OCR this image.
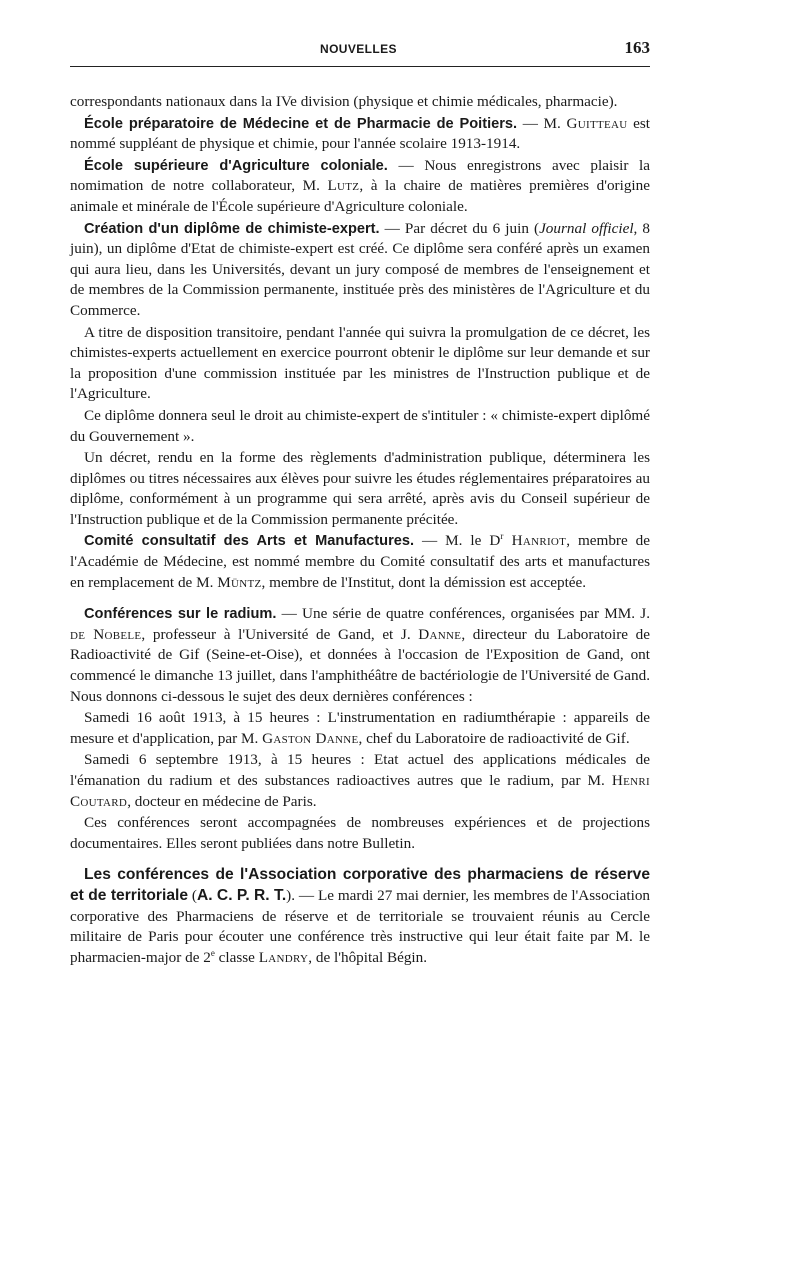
NOUVELLES	163

correspondants nationaux dans la IVe division (physique et chimie médicales, pharmacie).

École préparatoire de Médecine et de Pharmacie de Poitiers. — M. Guitteau est nommé suppléant de physique et chimie, pour l'année scolaire 1913-1914.

École supérieure d'Agriculture coloniale. — Nous enregistrons avec plaisir la nomimation de notre collaborateur, M. Lutz, à la chaire de matières premières d'origine animale et minérale de l'École supérieure d'Agriculture coloniale.

Création d'un diplôme de chimiste-expert. — Par décret du 6 juin (Journal officiel, 8 juin), un diplôme d'Etat de chimiste-expert est créé. Ce diplôme sera conféré après un examen qui aura lieu, dans les Universités, devant un jury composé de membres de l'enseignement et de membres de la Commission permanente, instituée près des ministères de l'Agriculture et du Commerce.

A titre de disposition transitoire, pendant l'année qui suivra la promulgation de ce décret, les chimistes-experts actuellement en exercice pourront obtenir le diplôme sur leur demande et sur la proposition d'une commission instituée par les ministres de l'Instruction publique et de l'Agriculture.

Ce diplôme donnera seul le droit au chimiste-expert de s'intituler : « chimiste-expert diplômé du Gouvernement ».

Un décret, rendu en la forme des règlements d'administration publique, déterminera les diplômes ou titres nécessaires aux élèves pour suivre les études réglementaires préparatoires au diplôme, conformément à un programme qui sera arrêté, après avis du Conseil supérieur de l'Instruction publique et de la Commission permanente précitée.

Comité consultatif des Arts et Manufactures. — M. le $D^r$ Hanriot, membre de l'Académie de Médecine, est nommé membre du Comité consultatif des arts et manufactures en remplacement de M. Müntz, membre de l'Institut, dont la démission est acceptée.

Conférences sur le radium. — Une série de quatre conférences, organisées par MM. J. de Nobele, professeur à l'Université de Gand, et J. Danne, directeur du Laboratoire de Radioactivité de Gif (Seine-et-Oise), et données à l'occasion de l'Exposition de Gand, ont commencé le dimanche 13 juillet, dans l'amphithéâtre de bactériologie de l'Université de Gand. Nous donnons ci-dessous le sujet des deux dernières conférences :

Samedi 16 août 1913, à 15 heures : L'instrumentation en radiumthérapie : appareils de mesure et d'application, par M. Gaston Danne, chef du Laboratoire de radioactivité de Gif.

Samedi 6 septembre 1913, à 15 heures : Etat actuel des applications médicales de l'émanation du radium et des substances radioactives autres que le radium, par M. Henri Coutard, docteur en médecine de Paris.

Ces conférences seront accompagnées de nombreuses expériences et de projections documentaires. Elles seront publiées dans notre Bulletin.

Les conférences de l'Association corporative des pharmaciens de réserve et de territoriale (A. C. P. R. T.). — Le mardi 27 mai dernier, les membres de l'Association corporative des Pharmaciens de réserve et de territoriale se trouvaient réunis au Cercle militaire de Paris pour écouter une conférence très instructive qui leur était faite par M. le pharmacien-major de 2e classe Landry, de l'hôpital Bégin.
